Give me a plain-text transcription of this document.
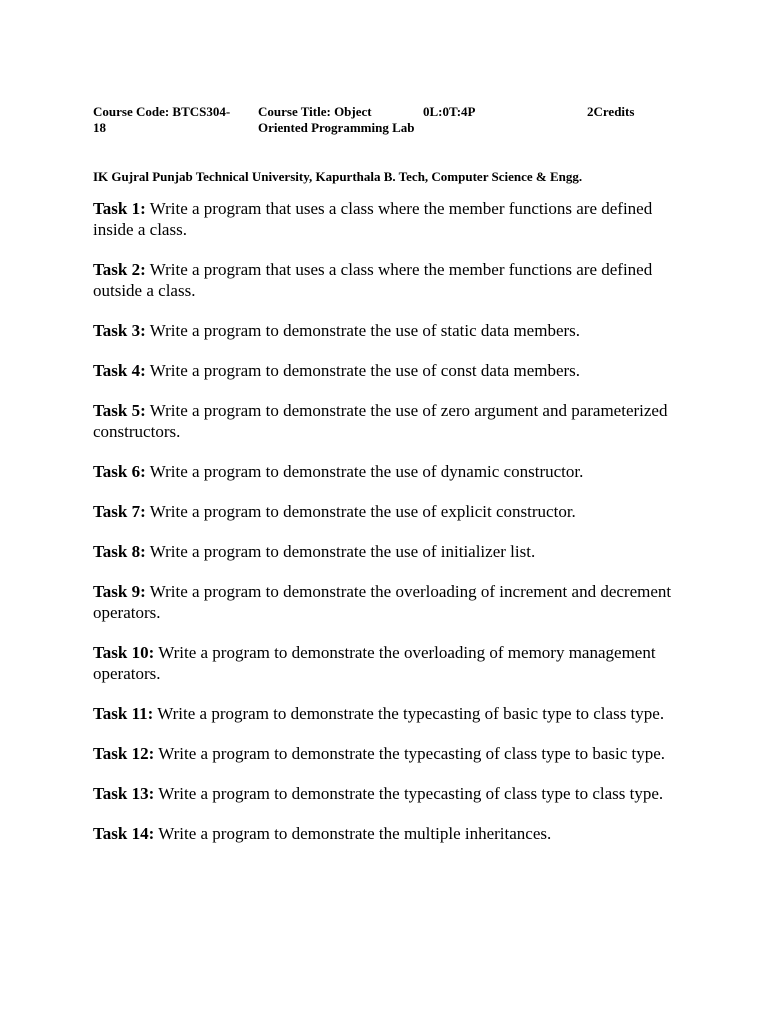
Course Code: BTCS304-18
Course Title: Object Oriented Programming Lab
0L:0T:4P	2Credits
IK Gujral Punjab Technical University, Kapurthala B. Tech, Computer Science & Engg.

Task 1: Write a program that uses a class where the member functions are defined inside a class.

Task 2: Write a program that uses a class where the member functions are defined outside a class.

Task 3: Write a program to demonstrate the use of static data members.

Task 4: Write a program to demonstrate the use of const data members.

Task 5: Write a program to demonstrate the use of zero argument and parameterized constructors.

Task 6: Write a program to demonstrate the use of dynamic constructor.

Task 7: Write a program to demonstrate the use of explicit constructor.

Task 8: Write a program to demonstrate the use of initializer list.

Task 9: Write a program to demonstrate the overloading of increment and decrement operators.

Task 10: Write a program to demonstrate the overloading of memory management operators.

Task 11: Write a program to demonstrate the typecasting of basic type to class type.

Task 12: Write a program to demonstrate the typecasting of class type to basic type.

Task 13: Write a program to demonstrate the typecasting of class type to class type.

Task 14: Write a program to demonstrate the multiple inheritances.
